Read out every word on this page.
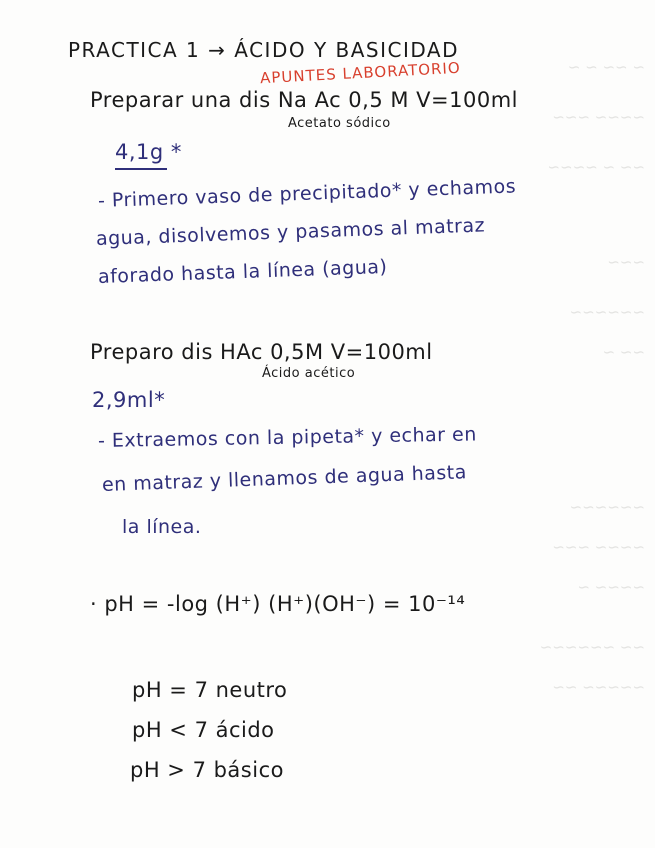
~ ~~ ~ ~
~~~~ ~~~
~~ ~ ~~~~
~~~
~~~~~~
~~ ~
~~~~~~
~~~~ ~~~
~~~~ ~
~~ ~~~~~~
~~~~~ ~~
PRACTICA 1 → ÁCIDO Y BASICIDAD
APUNTES LABORATORIO
Preparar una dis Na Ac 0,5 M V=100ml
Acetato sódico
4,1g *
- Primero vaso de precipitado* y echamos
agua, disolvemos y pasamos al matraz
aforado hasta la línea (agua)
Preparo dis HAc 0,5M V=100ml
Ácido acético
2,9ml*
- Extraemos con la pipeta* y echar en
en matraz y llenamos de agua hasta
la línea.
· pH = -log (H⁺) (H⁺)(OH⁻) = 10⁻¹⁴
pH = 7 neutro
pH < 7 ácido
pH > 7 básico
